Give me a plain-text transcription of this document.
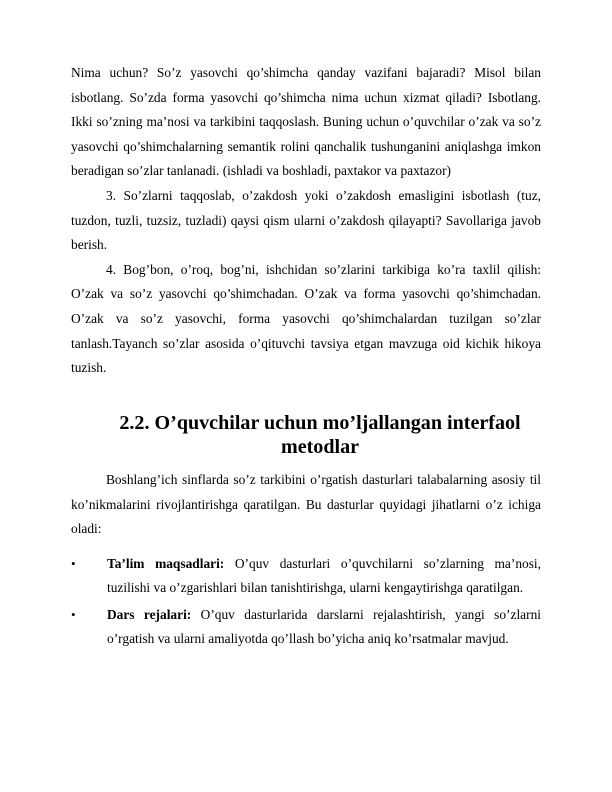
Nima uchun? So’z yasovchi qo’shimcha qanday vazifani bajaradi? Misol bilan isbotlang. So’zda forma yasovchi qo’shimcha nima uchun xizmat qiladi? Isbotlang. Ikki so’zning ma’nosi va tarkibini taqqoslash. Buning uchun o’quvchilar o’zak va so’z yasovchi qo’shimchalarning semantik rolini qanchalik tushunganini aniqlashga imkon beradigan so’zlar tanlanadi. (ishladi va boshladi, paxtakor va paxtazor)

3. So’zlarni taqqoslab, o’zakdosh yoki o’zakdosh emasligini isbotlash (tuz, tuzdon, tuzli, tuzsiz, tuzladi) qaysi qism ularni o’zakdosh qilayapti? Savollariga javob berish.

4. Bog’bon, o’roq, bog’ni, ishchidan so’zlarini tarkibiga ko’ra taxlil qilish: O’zak va so’z yasovchi qo’shimchadan. O’zak va forma yasovchi qo’shimchadan. O’zak va so’z yasovchi, forma yasovchi qo’shimchalardan tuzilgan so’zlar tanlash.Tayanch so’zlar asosida o’qituvchi tavsiya etgan mavzuga oid kichik hikoya tuzish.

2.2. O’quvchilar uchun mo’ljallangan interfaol metodlar

Boshlang’ich sinflarda so’z tarkibini o’rgatish dasturlari talabalarning asosiy til ko’nikmalarini rivojlantirishga qaratilgan. Bu dasturlar quyidagi jihatlarni o’z ichiga oladi:

•	Ta’lim maqsadlari: O’quv dasturlari o’quvchilarni so’zlarning ma’nosi, tuzilishi va o’zgarishlari bilan tanishtirishga, ularni kengaytirishga qaratilgan.
•	Dars rejalari: O’quv dasturlarida darslarni rejalashtirish, yangi so’zlarni o’rgatish va ularni amaliyotda qo’llash bo’yicha aniq ko’rsatmalar mavjud.
